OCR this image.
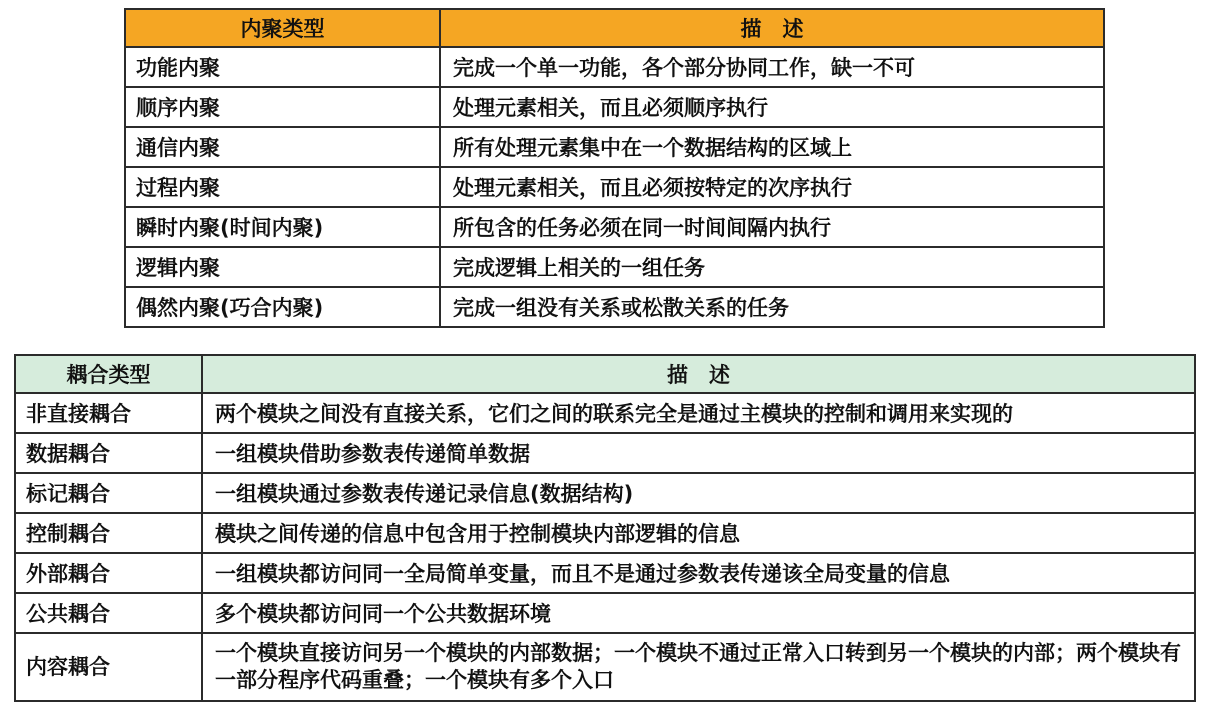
内聚类型	描　述
功能内聚	完成一个单一功能，各个部分协同工作，缺一不可
顺序内聚	处理元素相关，而且必须顺序执行
通信内聚	所有处理元素集中在一个数据结构的区域上
过程内聚	处理元素相关，而且必须按特定的次序执行
瞬时内聚(时间内聚)	所包含的任务必须在同一时间间隔内执行
逻辑内聚	完成逻辑上相关的一组任务
偶然内聚(巧合内聚)	完成一组没有关系或松散关系的任务
耦合类型	描　述
非直接耦合	两个模块之间没有直接关系，它们之间的联系完全是通过主模块的控制和调用来实现的
数据耦合	一组模块借助参数表传递简单数据
标记耦合	一组模块通过参数表传递记录信息(数据结构)
控制耦合	模块之间传递的信息中包含用于控制模块内部逻辑的信息
外部耦合	一组模块都访问同一全局简单变量，而且不是通过参数表传递该全局变量的信息
公共耦合	多个模块都访问同一个公共数据环境
内容耦合	一个模块直接访问另一个模块的内部数据；一个模块不通过正常入口转到另一个模块的内部；两个模块有一部分程序代码重叠；一个模块有多个入口
